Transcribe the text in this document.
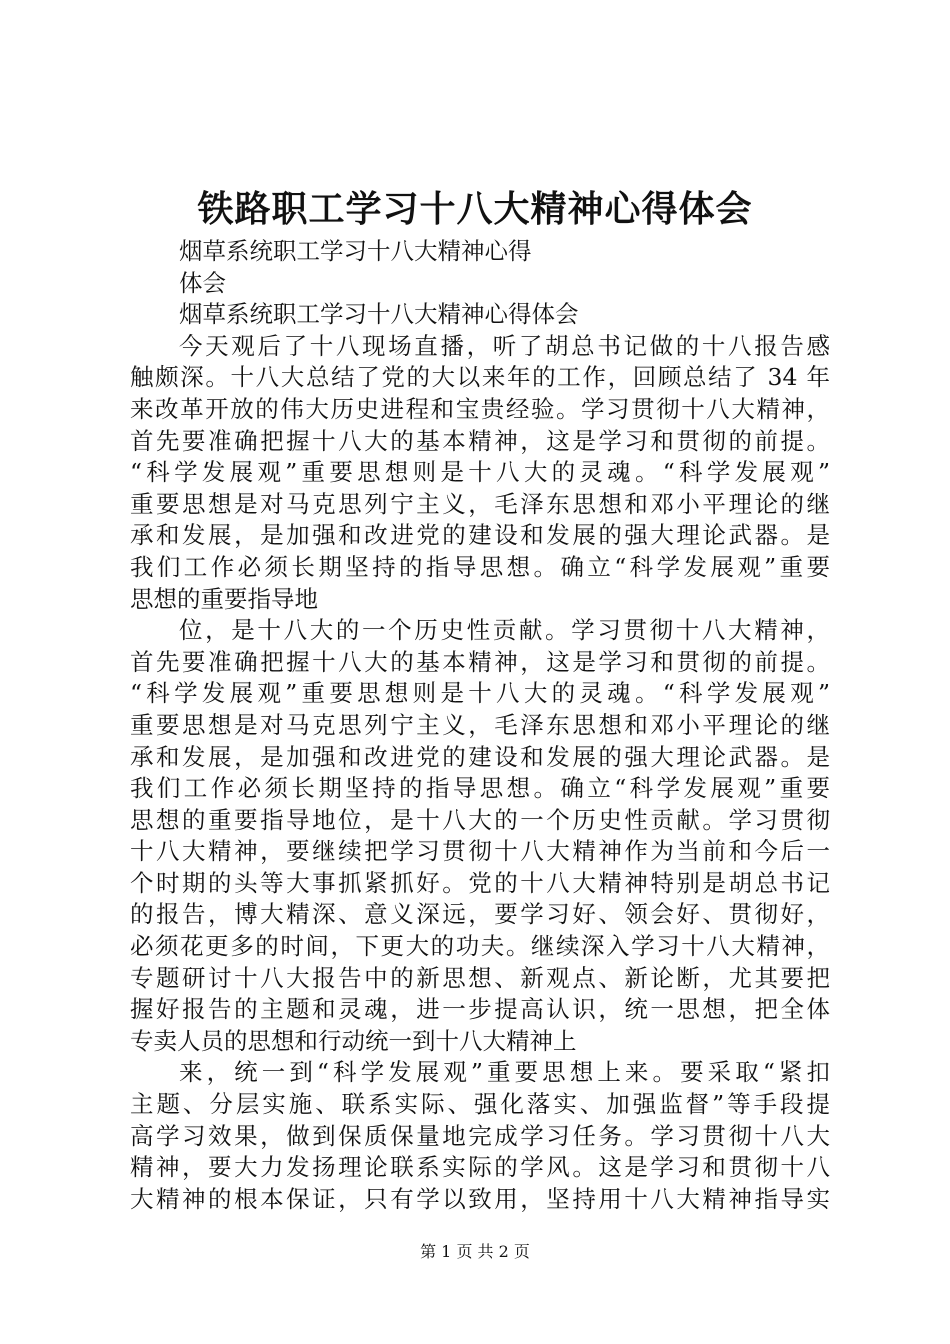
铁路职工学习十八大精神心得体会
烟草系统职工学习十八大精神心得
体会
烟草系统职工学习十八大精神心得体会
今天观后了十八现场直播，听了胡总书记做的十八报告感
触颇深。十八大总结了党的大以来年的工作，回顾总结了 34 年
来改革开放的伟大历史进程和宝贵经验。学习贯彻十八大精神，
首先要准确把握十八大的基本精神，这是学习和贯彻的前提。
“科学发展观”重要思想则是十八大的灵魂。“科学发展观”
重要思想是对马克思列宁主义，毛泽东思想和邓小平理论的继
承和发展，是加强和改进党的建设和发展的强大理论武器。是
我们工作必须长期坚持的指导思想。确立“科学发展观”重要
思想的重要指导地
位，是十八大的一个历史性贡献。学习贯彻十八大精神，
首先要准确把握十八大的基本精神，这是学习和贯彻的前提。
“科学发展观”重要思想则是十八大的灵魂。“科学发展观”
重要思想是对马克思列宁主义，毛泽东思想和邓小平理论的继
承和发展，是加强和改进党的建设和发展的强大理论武器。是
我们工作必须长期坚持的指导思想。确立“科学发展观”重要
思想的重要指导地位，是十八大的一个历史性贡献。学习贯彻
十八大精神，要继续把学习贯彻十八大精神作为当前和今后一
个时期的头等大事抓紧抓好。党的十八大精神特别是胡总书记
的报告，博大精深、意义深远，要学习好、领会好、贯彻好，
必须花更多的时间，下更大的功夫。继续深入学习十八大精神，
专题研讨十八大报告中的新思想、新观点、新论断，尤其要把
握好报告的主题和灵魂，进一步提高认识，统一思想，把全体
专卖人员的思想和行动统一到十八大精神上
来，统一到“科学发展观”重要思想上来。要采取“紧扣
主题、分层实施、联系实际、强化落实、加强监督”等手段提
高学习效果，做到保质保量地完成学习任务。学习贯彻十八大
精神，要大力发扬理论联系实际的学风。这是学习和贯彻十八
大精神的根本保证，只有学以致用，坚持用十八大精神指导实
第 1 页 共 2 页
